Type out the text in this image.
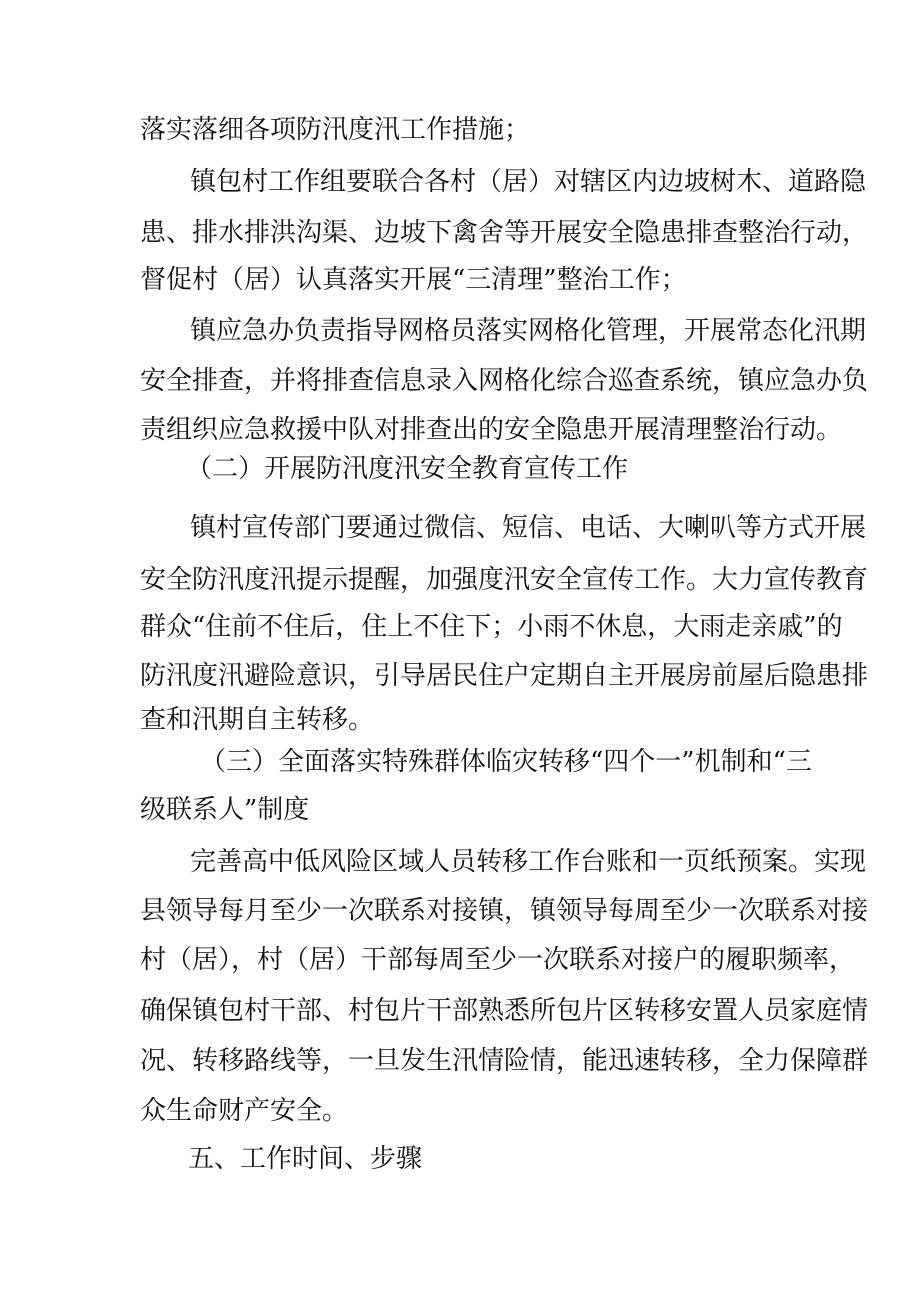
落实落细各项防汛度汛工作措施；
镇包村工作组要联合各村（居）对辖区内边坡树木、道路隐
患、排水排洪沟渠、边坡下禽舍等开展安全隐患排查整治行动，
督促村（居）认真落实开展“三清理”整治工作；
镇应急办负责指导网格员落实网格化管理，开展常态化汛期
安全排查，并将排查信息录入网格化综合巡查系统，镇应急办负
责组织应急救援中队对排查出的安全隐患开展清理整治行动。
（二）开展防汛度汛安全教育宣传工作
镇村宣传部门要通过微信、短信、电话、大喇叭等方式开展
安全防汛度汛提示提醒，加强度汛安全宣传工作。大力宣传教育
群众“住前不住后，住上不住下；小雨不休息，大雨走亲戚”的
防汛度汛避险意识，引导居民住户定期自主开展房前屋后隐患排
查和汛期自主转移。
（三）全面落实特殊群体临灾转移“四个一”机制和“三
级联系人”制度
完善高中低风险区域人员转移工作台账和一页纸预案。实现
县领导每月至少一次联系对接镇，镇领导每周至少一次联系对接
村（居），村（居）干部每周至少一次联系对接户的履职频率，
确保镇包村干部、村包片干部熟悉所包片区转移安置人员家庭情
况、转移路线等，一旦发生汛情险情，能迅速转移，全力保障群
众生命财产安全。
五、工作时间、步骤
